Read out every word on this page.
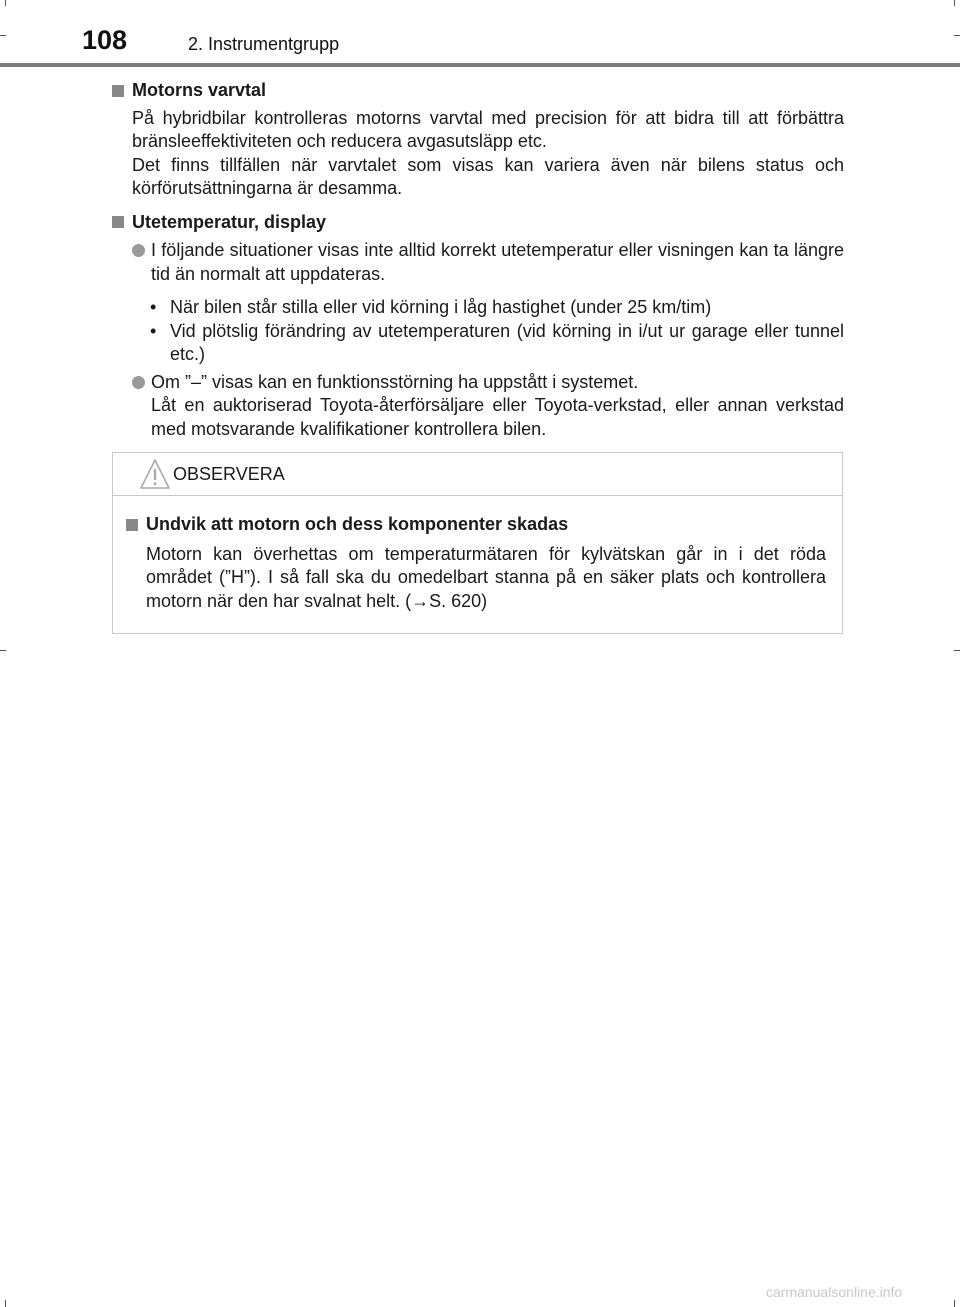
108	2. Instrumentgrupp
Motorns varvtal
På hybridbilar kontrolleras motorns varvtal med precision för att bidra till att förbättra bränsleeffektiviteten och reducera avgasutsläpp etc.
Det finns tillfällen när varvtalet som visas kan variera även när bilens status och körförutsättningarna är desamma.
Utetemperatur, display
I följande situationer visas inte alltid korrekt utetemperatur eller visningen kan ta längre tid än normalt att uppdateras.
• När bilen står stilla eller vid körning i låg hastighet (under 25 km/tim)
• Vid plötslig förändring av utetemperaturen (vid körning in i/ut ur garage eller tunnel etc.)
Om ”–” visas kan en funktionsstörning ha uppstått i systemet.
Låt en auktoriserad Toyota-återförsäljare eller Toyota-verkstad, eller annan verkstad med motsvarande kvalifikationer kontrollera bilen.
OBSERVERA
Undvik att motorn och dess komponenter skadas
Motorn kan överhettas om temperaturmätaren för kylvätskan går in i det röda området (”H”). I så fall ska du omedelbart stanna på en säker plats och kontrollera motorn när den har svalnat helt. (→S. 620)
carmanualsonline.info
